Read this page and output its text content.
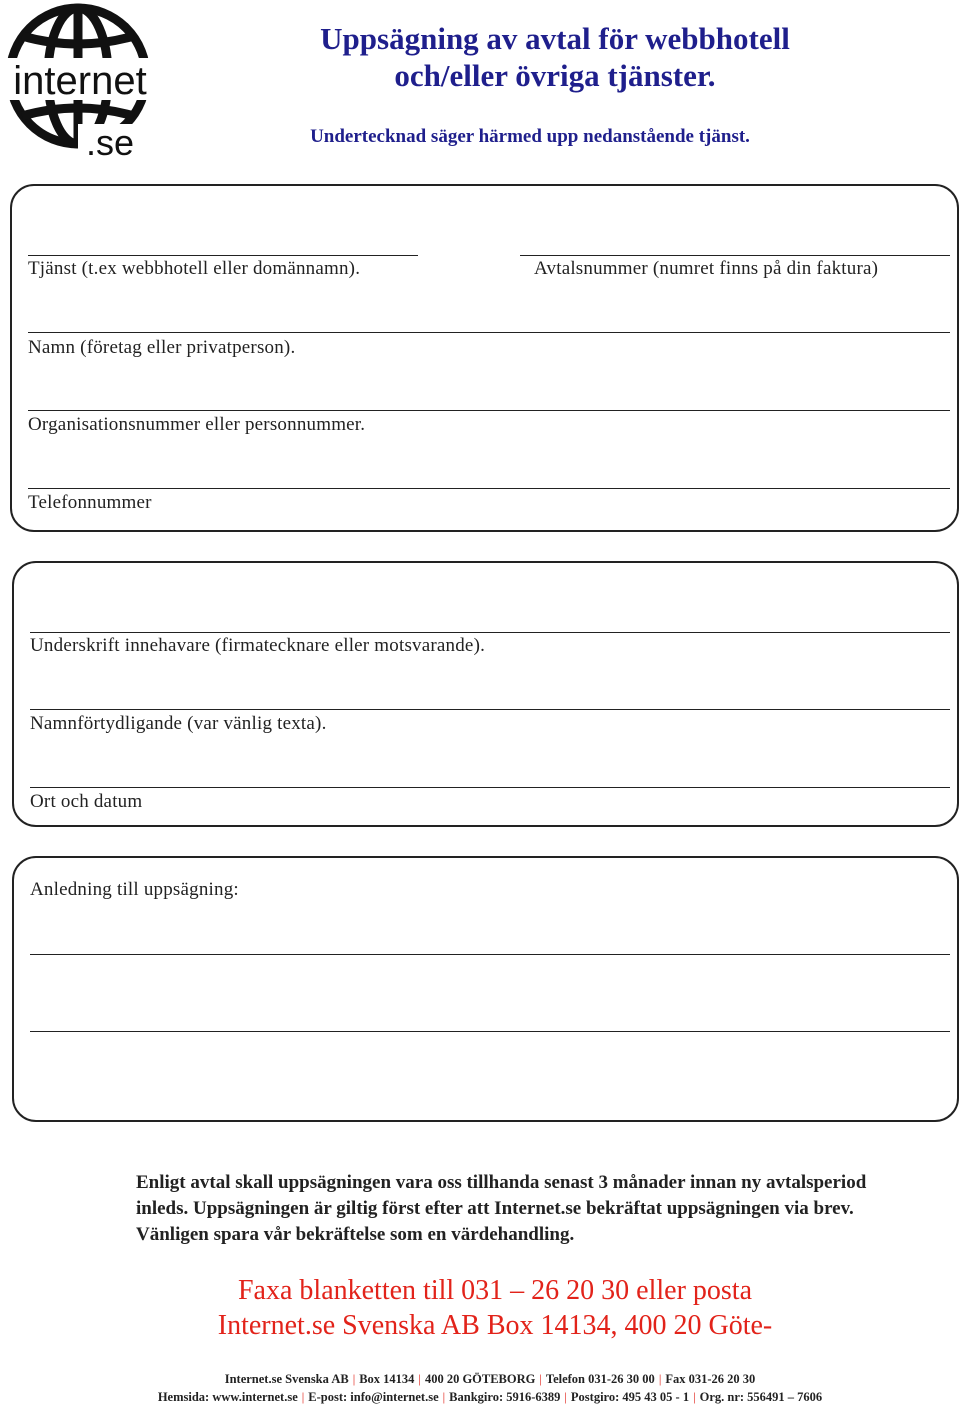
internet
.se
Uppsägning av avtal för webbhotell
och/eller övriga tjänster.
Undertecknad säger härmed upp nedanstående tjänst.
Tjänst (t.ex webbhotell eller domännamn).	Avtalsnummer (numret finns på din faktura)
Namn (företag eller privatperson).
Organisationsnummer eller personnummer.
Telefonnummer
Underskrift innehavare (firmatecknare eller motsvarande).
Namnförtydligande (var vänlig texta).
Ort och datum
Anledning till uppsägning:
Enligt avtal skall uppsägningen vara oss tillhanda senast 3 månader innan ny avtalsperiod inleds. Uppsägningen är giltig först efter att Internet.se bekräftat uppsägningen via brev. Vänligen spara vår bekräftelse som en värdehandling.
Faxa blanketten till 031 – 26 20 30 eller posta
Internet.se Svenska AB Box 14134, 400 20 Göte-
Internet.se Svenska AB | Box 14134 | 400 20 GÖTEBORG | Telefon 031-26 30 00 | Fax 031-26 20 30
Hemsida: www.internet.se | E-post: info@internet.se | Bankgiro: 5916-6389 | Postgiro: 495 43 05 - 1 | Org. nr: 556491 – 7606
